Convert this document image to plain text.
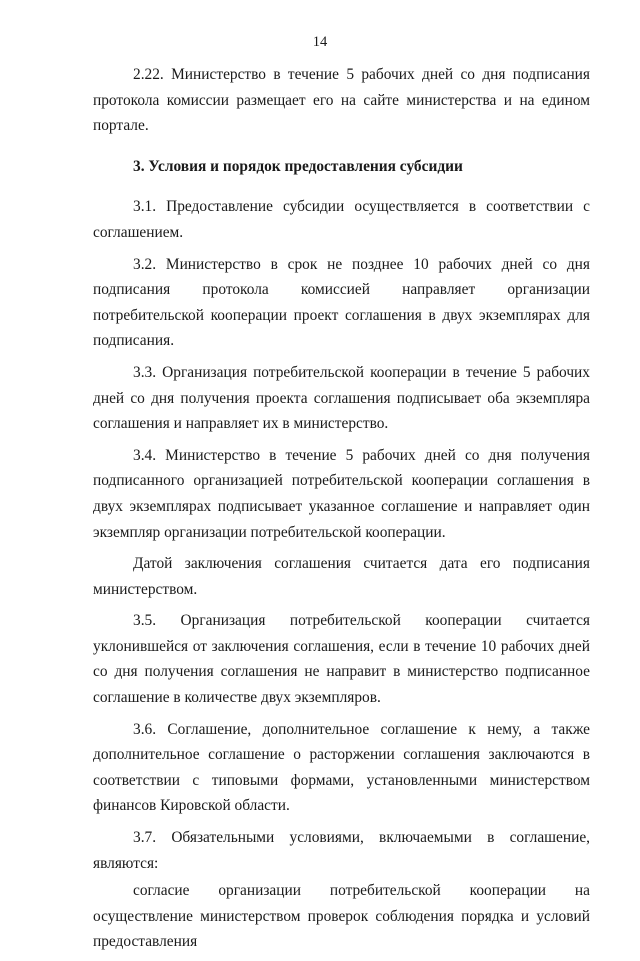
14

2.22. Министерство в течение 5 рабочих дней со дня подписания протокола комиссии размещает его на сайте министерства и на едином портале.

3. Условия и порядок предоставления субсидии

3.1. Предоставление субсидии осуществляется в соответствии с соглашением.

3.2. Министерство в срок не позднее 10 рабочих дней со дня подписания протокола комиссией направляет организации потребительской кооперации проект соглашения в двух экземплярах для подписания.

3.3. Организация потребительской кооперации в течение 5 рабочих дней со дня получения проекта соглашения подписывает оба экземпляра соглашения и направляет их в министерство.

3.4. Министерство в течение 5 рабочих дней со дня получения подписанного организацией потребительской кооперации соглашения в двух экземплярах подписывает указанное соглашение и направляет один экземпляр организации потребительской кооперации.

Датой заключения соглашения считается дата его подписания министерством.

3.5. Организация потребительской кооперации считается уклонившейся от заключения соглашения, если в течение 10 рабочих дней со дня получения соглашения не направит в министерство подписанное соглашение в количестве двух экземпляров.

3.6. Соглашение, дополнительное соглашение к нему, а также дополнительное соглашение о расторжении соглашения заключаются в соответствии с типовыми формами, установленными министерством финансов Кировской области.

3.7. Обязательными условиями, включаемыми в соглашение, являются:

согласие организации потребительской кооперации на осуществление министерством проверок соблюдения порядка и условий предоставления
